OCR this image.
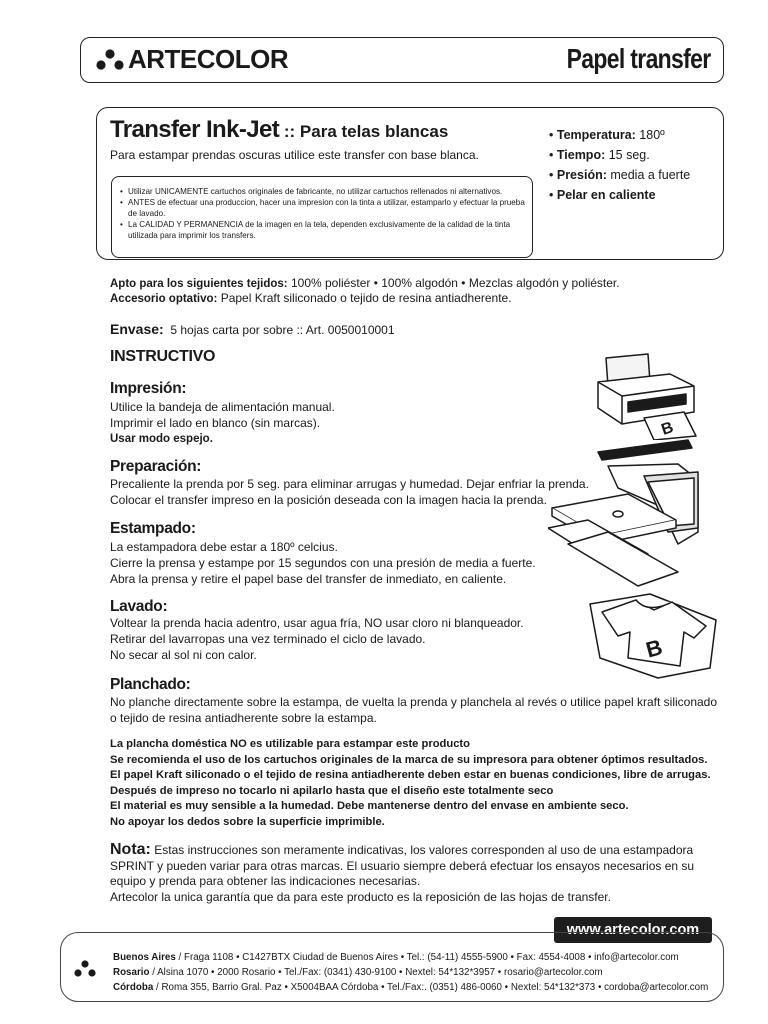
ARTECOLOR	Papel transfer
Transfer Ink-Jet :: Para telas blancas
Para estampar prendas oscuras utilice este transfer con base blanca.
• Utilizar UNICAMENTE cartuchos originales de fabricante, no utilizar cartuchos rellenados ni alternativos.
• ANTES de efectuar una produccion, hacer una impresion con la tinta a utilizar, estamparlo y efectuar la prueba de lavado.
• La CALIDAD Y PERMANENCIA de la imagen en la tela, dependen exclusivamente de la calidad de la tinta utilizada para imprimir los transfers.
• Temperatura: 180º
• Tiempo: 15 seg.
• Presión: media a fuerte
• Pelar en caliente
Apto para los siguientes tejidos: 100% poliéster • 100% algodón • Mezclas algodón y poliéster.
Accesorio optativo: Papel Kraft siliconado o tejido de resina antiadherente.
Envase: 5 hojas carta por sobre :: Art. 0050010001
INSTRUCTIVO
Impresión:
Utilice la bandeja de alimentación manual.
Imprimir el lado en blanco (sin marcas).
Usar modo espejo.
Preparación:
Precaliente la prenda por 5 seg. para eliminar arrugas y humedad. Dejar enfriar la prenda.
Colocar el transfer impreso en la posición deseada con la imagen hacia la prenda.
Estampado:
La estampadora debe estar a 180º celcius.
Cierre la prensa y estampe por 15 segundos con una presión de media a fuerte.
Abra la prensa y retire el papel base del transfer de inmediato, en caliente.
Lavado:
Voltear la prenda hacia adentro, usar agua fría, NO usar cloro ni blanqueador.
Retirar del lavarropas una vez terminado el ciclo de lavado.
No secar al sol ni con calor.
Planchado:
No planche directamente sobre la estampa, de vuelta la prenda y planchela al revés o utilice papel kraft siliconado
o tejido de resina antiadherente sobre la estampa.
La plancha doméstica NO es utilizable para estampar este producto
Se recomienda el uso de los cartuchos originales de la marca de su impresora para obtener óptimos resultados.
El papel Kraft siliconado o el tejido de resina antiadherente deben estar en buenas condiciones, libre de arrugas.
Después de impreso no tocarlo ni apilarlo hasta que el diseño este totalmente seco
El material es muy sensible a la humedad. Debe mantenerse dentro del envase en ambiente seco.
No apoyar los dedos sobre la superficie imprimible.
Nota: Estas instrucciones son meramente indicativas, los valores corresponden al uso de una estampadora SPRINT y pueden variar para otras marcas. El usuario siempre deberá efectuar los ensayos necesarios en su equipo y prenda para obtener las indicaciones necesarias.
Artecolor la unica garantía que da para este producto es la reposición de las hojas de transfer.
www.artecolor.com
Buenos Aires / Fraga 1108 • C1427BTX Ciudad de Buenos Aires • Tel.: (54-11) 4555-5900 • Fax: 4554-4008 • info@artecolor.com
Rosario / Alsina 1070 • 2000 Rosario • Tel./Fax: (0341) 430-9100 • Nextel: 54*132*3957 • rosario@artecolor.com
Córdoba / Roma 355, Barrio Gral. Paz • X5004BAA Córdoba • Tel./Fax:. (0351) 486-0060 • Nextel: 54*132*373 • cordoba@artecolor.com
B
B
